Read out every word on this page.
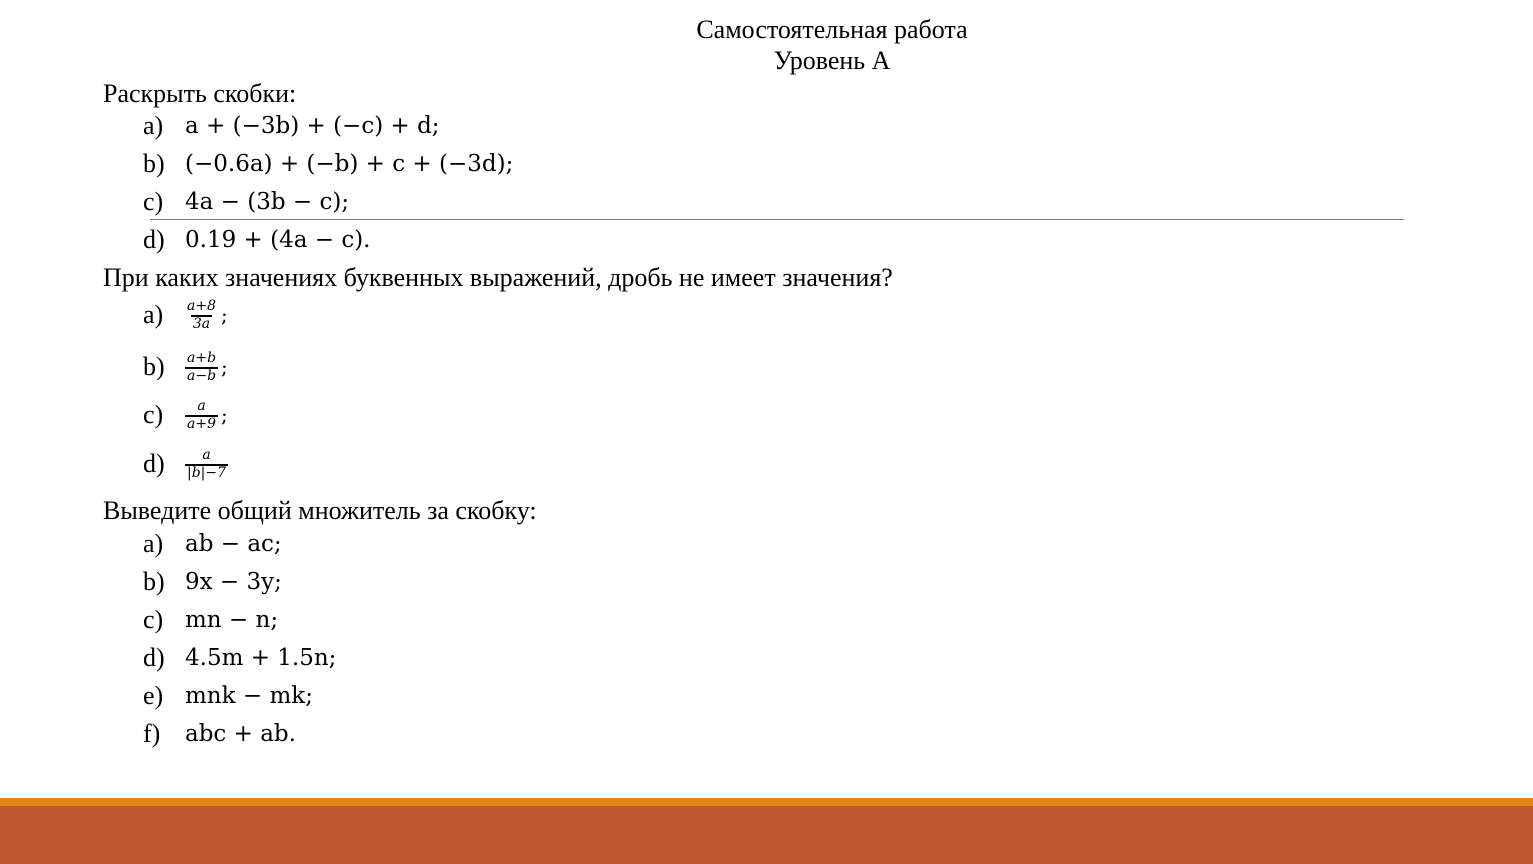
Самостоятельная работа
Уровень А
Раскрыть скобки:
a) a + (−3b) + (−c) + d;
b) (−0.6a) + (−b) + c + (−3d);
c) 4a − (3b − c);
d) 0.19 + (4a − c).
При каких значениях буквенных выражений, дробь не имеет значения?
a)	$\frac{a+8}{3a}$ ;
b)	$\frac{a+b}{a-b}$ ;
c)	$\frac{a}{a+9}$ ;
d)	$\frac{a}{|b|-7}$
Выведите общий множитель за скобку:
a) ab − ac;
b) 9x − 3y;
c) mn − n;
d) 4.5m + 1.5n;
e) mnk − mk;
f)	abc + ab.
